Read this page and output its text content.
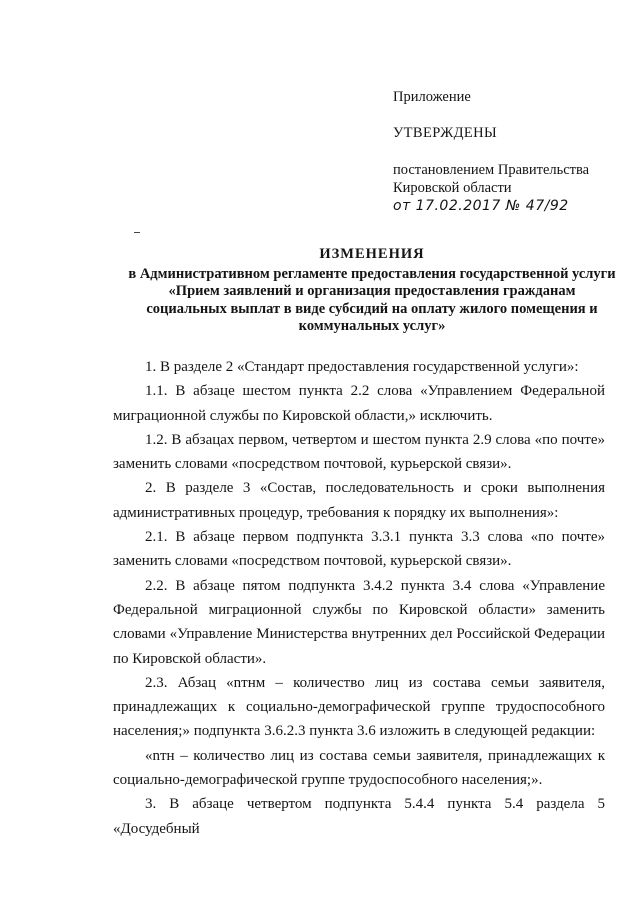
Приложение
УТВЕРЖДЕНЫ
постановлением Правительства
Кировской области
от 17.02.2017 № 47/92
ИЗМЕНЕНИЯ
в Административном регламенте предоставления государственной услуги «Прием заявлений и организация предоставления гражданам социальных выплат в виде субсидий на оплату жилого помещения и коммунальных услуг»

1. В разделе 2 «Стандарт предоставления государственной услуги»:

1.1. В абзаце шестом пункта 2.2 слова «Управлением Федеральной миграционной службы по Кировской области,» исключить.

1.2. В абзацах первом, четвертом и шестом пункта 2.9 слова «по почте» заменить словами «посредством почтовой, курьерской связи».

2. В разделе 3 «Состав, последовательность и сроки выполнения административных процедур, требования к порядку их выполнения»:

2.1. В абзаце первом подпункта 3.3.1 пункта 3.3 слова «по почте» заменить словами «посредством почтовой, курьерской связи».

2.2. В абзаце пятом подпункта 3.4.2 пункта 3.4 слова «Управление Федеральной миграционной службы по Кировской области» заменить словами «Управление Министерства внутренних дел Российской Федерации по Кировской области».

2.3. Абзац «nтнм – количество лиц из состава семьи заявителя, принадлежащих к социально-демографической группе трудоспособного населения;» подпункта 3.6.2.3 пункта 3.6 изложить в следующей редакции:

«nтн – количество лиц из состава семьи заявителя, принадлежащих к социально-демографической группе трудоспособного населения;».

3. В абзаце четвертом подпункта 5.4.4 пункта 5.4 раздела 5 «Досудебный
